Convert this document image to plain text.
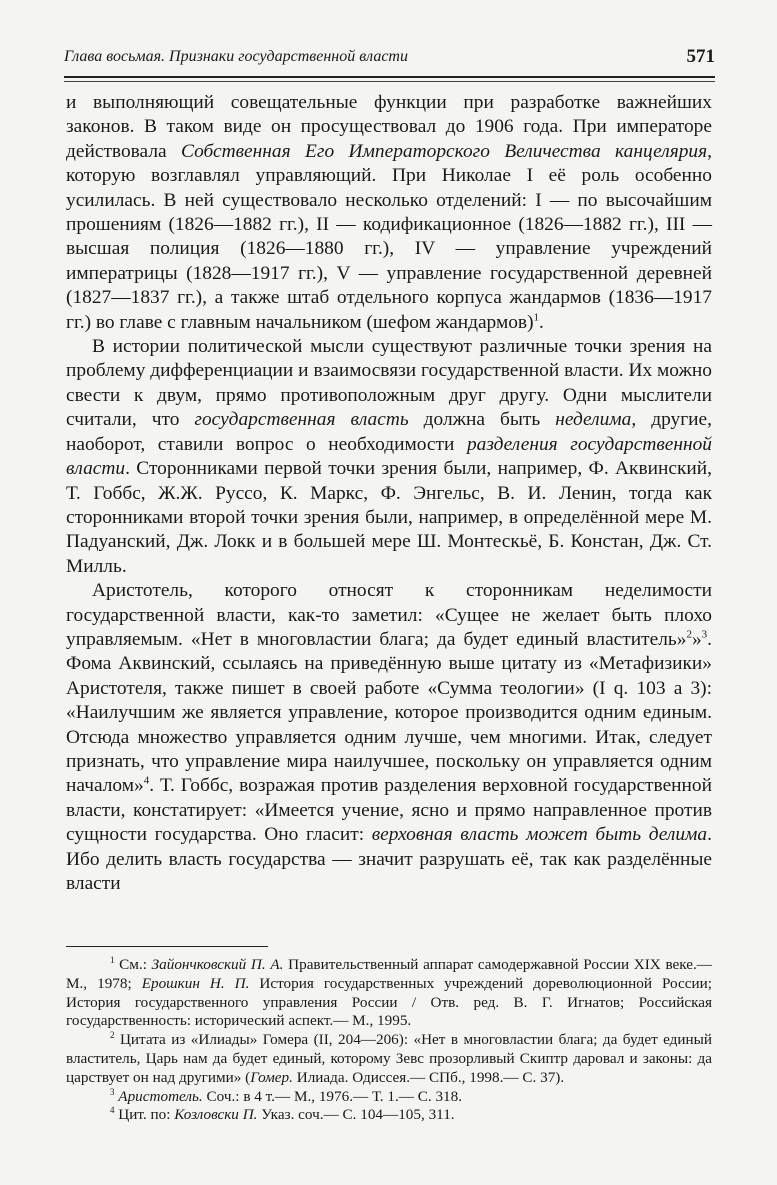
Глава восьмая. Признаки государственной власти	571

и выполняющий совещательные функции при разработке важнейших законов. В таком виде он просуществовал до 1906 года. При императоре действовала Собственная Его Императорского Величества канцелярия, которую возглавлял управляющий. При Николае I её роль особенно усилилась. В ней существовало несколько отделений: I — по высочайшим прошениям (1826—1882 гг.), II — кодификационное (1826—1882 гг.), III — высшая полиция (1826—1880 гг.), IV — управление учреждений императрицы (1828—1917 гг.), V — управление государственной деревней (1827—1837 гг.), а также штаб отдельного корпуса жандармов (1836—1917 гг.) во главе с главным начальником (шефом жандармов)$^1$.

В истории политической мысли существуют различные точки зрения на проблему дифференциации и взаимосвязи государственной власти. Их можно свести к двум, прямо противоположным друг другу. Одни мыслители считали, что государственная власть должна быть неделима, другие, наоборот, ставили вопрос о необходимости разделения государственной власти. Сторонниками первой точки зрения были, например, Ф. Аквинский, Т. Гоббс, Ж.Ж. Руссо, К. Маркс, Ф. Энгельс, В. И. Ленин, тогда как сторонниками второй точки зрения были, например, в определённой мере М. Падуанский, Дж. Локк и в большей мере Ш. Монтескьё, Б. Констан, Дж. Ст. Милль.

Аристотель, которого относят к сторонникам неделимости государственной власти, как-то заметил: «Сущее не желает быть плохо управляемым. «Нет в многовластии блага; да будет единый властитель»$^2$»$^3$. Фома Аквинский, ссылаясь на приведённую выше цитату из «Метафизики» Аристотеля, также пишет в своей работе «Сумма теологии» (I q. 103 a 3): «Наилучшим же является управление, которое производится одним единым. Отсюда множество управляется одним лучше, чем многими. Итак, следует признать, что управление мира наилучшее, поскольку он управляется одним началом»$^4$. Т. Гоббс, возражая против разделения верховной государственной власти, констатирует: «Имеется учение, ясно и прямо направленное против сущности государства. Оно гласит: верховная власть может быть делима. Ибо делить власть государства — значит разрушать её, так как разделённые власти

$^1$ См.: Зайончковский П. А. Правительственный аппарат самодержавной России XIX веке.— М., 1978; Ерошкин Н. П. История государственных учреждений дореволюционной России; История государственного управления России / Отв. ред. В. Г. Игнатов; Российская государственность: исторический аспект.— М., 1995.

$^2$ Цитата из «Илиады» Гомера (II, 204—206): «Нет в многовластии блага; да будет единый властитель, Царь нам да будет единый, которому Зевс прозорливый Скиптр даровал и законы: да царствует он над другими» (Гомер. Илиада. Одиссея.— СПб., 1998.— С. 37).

$^3$ Аристотель. Соч.: в 4 т.— М., 1976.— Т. 1.— С. 318.

$^4$ Цит. по: Козловски П. Указ. соч.— С. 104—105, 311.
